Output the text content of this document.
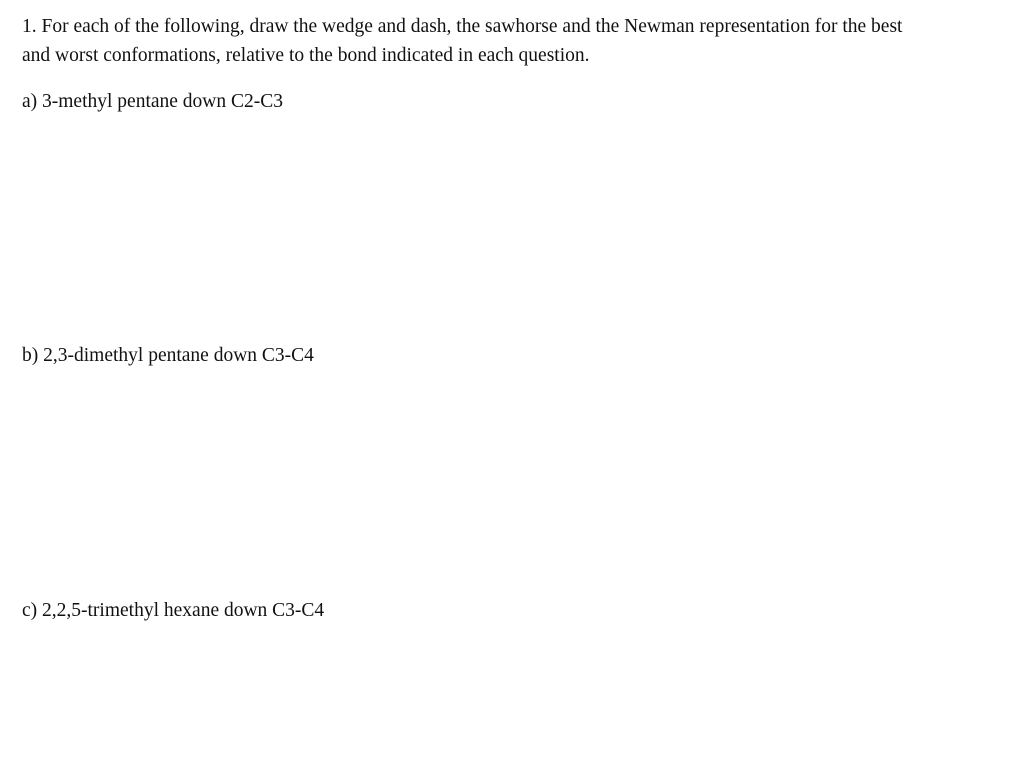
1. For each of the following, draw the wedge and dash, the sawhorse and the Newman representation for the best
and worst conformations, relative to the bond indicated in each question.

a) 3-methyl pentane down C2-C3

b) 2,3-dimethyl pentane down C3-C4

c) 2,2,5-trimethyl hexane down C3-C4
